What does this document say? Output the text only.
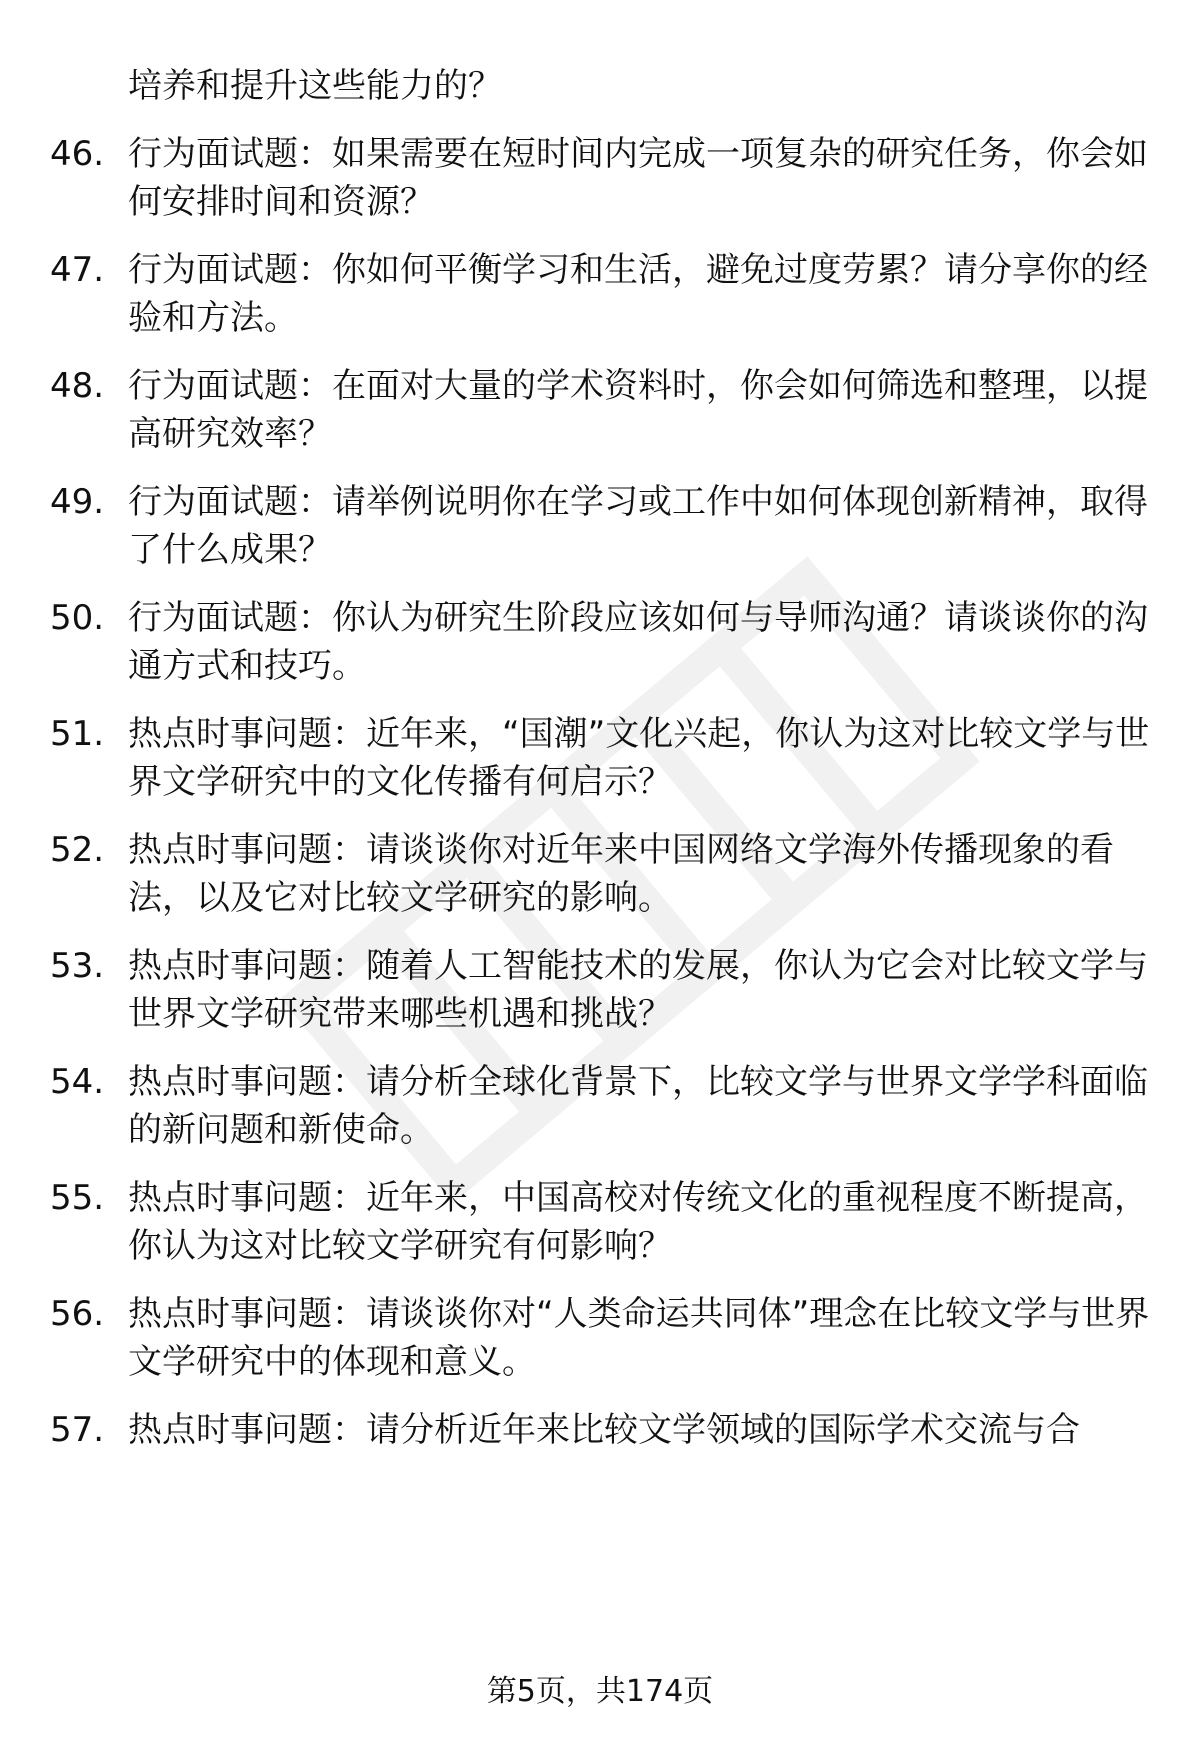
培养和提升这些能力的？
46. 行为面试题：如果需要在短时间内完成一项复杂的研究任务，你会如何安排时间和资源？
47. 行为面试题：你如何平衡学习和生活，避免过度劳累？请分享你的经验和方法。
48. 行为面试题：在面对大量的学术资料时，你会如何筛选和整理，以提高研究效率？
49. 行为面试题：请举例说明你在学习或工作中如何体现创新精神，取得了什么成果？
50. 行为面试题：你认为研究生阶段应该如何与导师沟通？请谈谈你的沟通方式和技巧。
51. 热点时事问题：近年来，“国潮”文化兴起，你认为这对比较文学与世界文学研究中的文化传播有何启示？
52. 热点时事问题：请谈谈你对近年来中国网络文学海外传播现象的看法，以及它对比较文学研究的影响。
53. 热点时事问题：随着人工智能技术的发展，你认为它会对比较文学与世界文学研究带来哪些机遇和挑战？
54. 热点时事问题：请分析全球化背景下，比较文学与世界文学学科面临的新问题和新使命。
55. 热点时事问题：近年来，中国高校对传统文化的重视程度不断提高，你认为这对比较文学研究有何影响？
56. 热点时事问题：请谈谈你对“人类命运共同体”理念在比较文学与世界文学研究中的体现和意义。
57. 热点时事问题：请分析近年来比较文学领域的国际学术交流与合
第5页，共174页
